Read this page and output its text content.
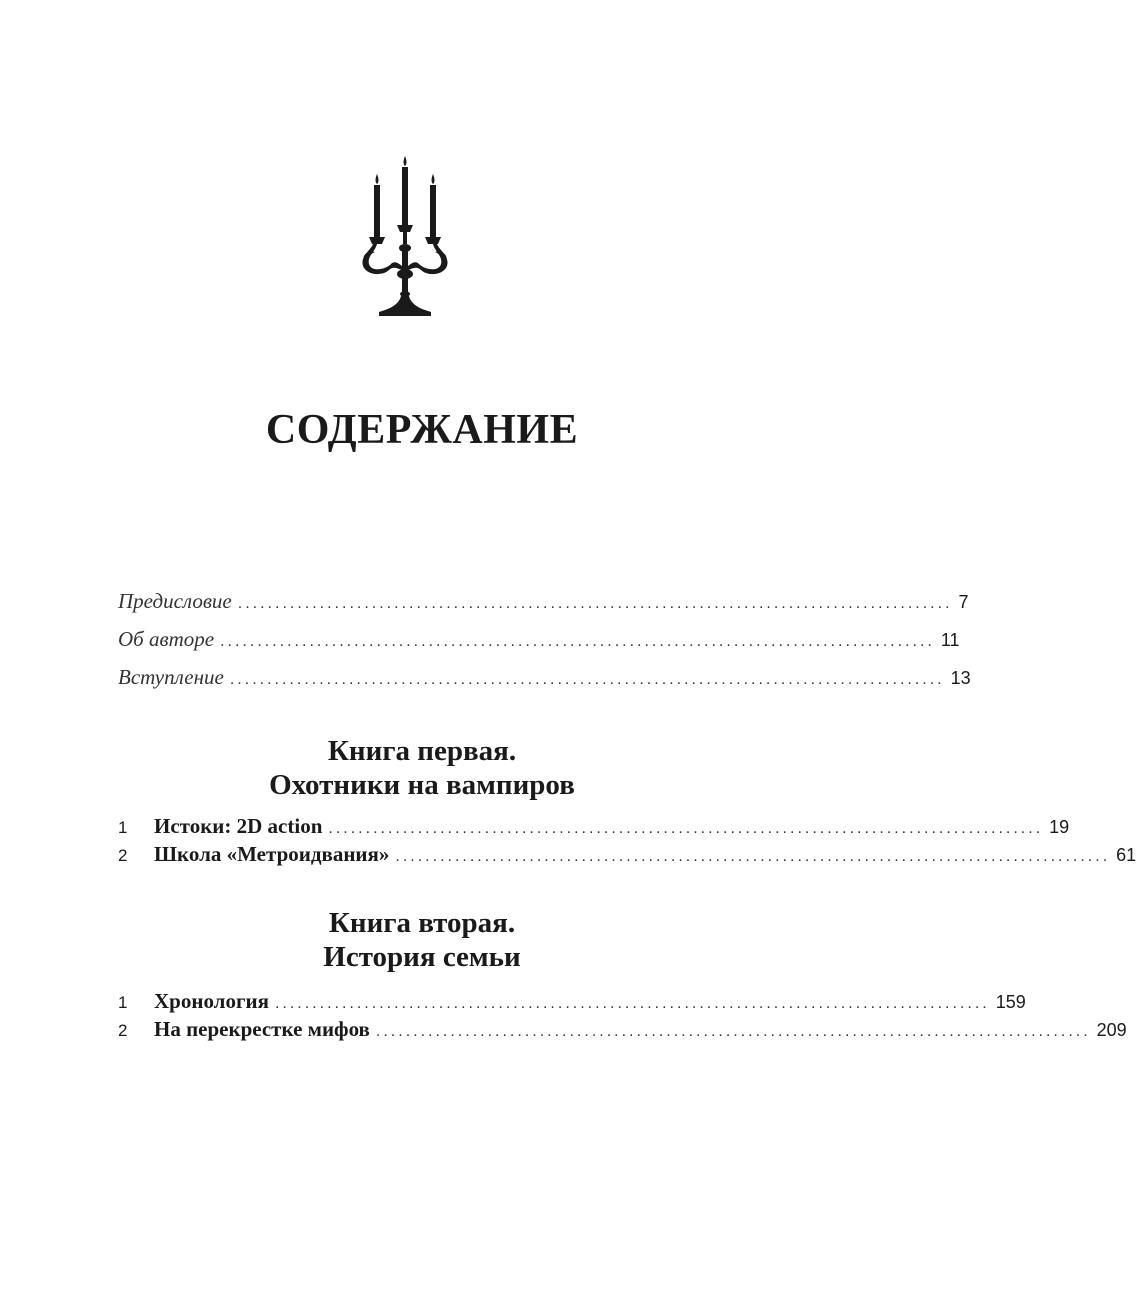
СОДЕРЖАНИЕ
Предисловие ................................................................................................ 7
Об авторе ................................................................................................ 11
Вступление ................................................................................................ 13
Книга первая.
Охотники на вампиров
1	Истоки: 2D action ................................................................................................ 19
2	Школа «Метроидвания» ................................................................................................ 61
Книга вторая.
История семьи
1	Хронология ................................................................................................ 159
2	На перекрестке мифов ................................................................................................ 209
